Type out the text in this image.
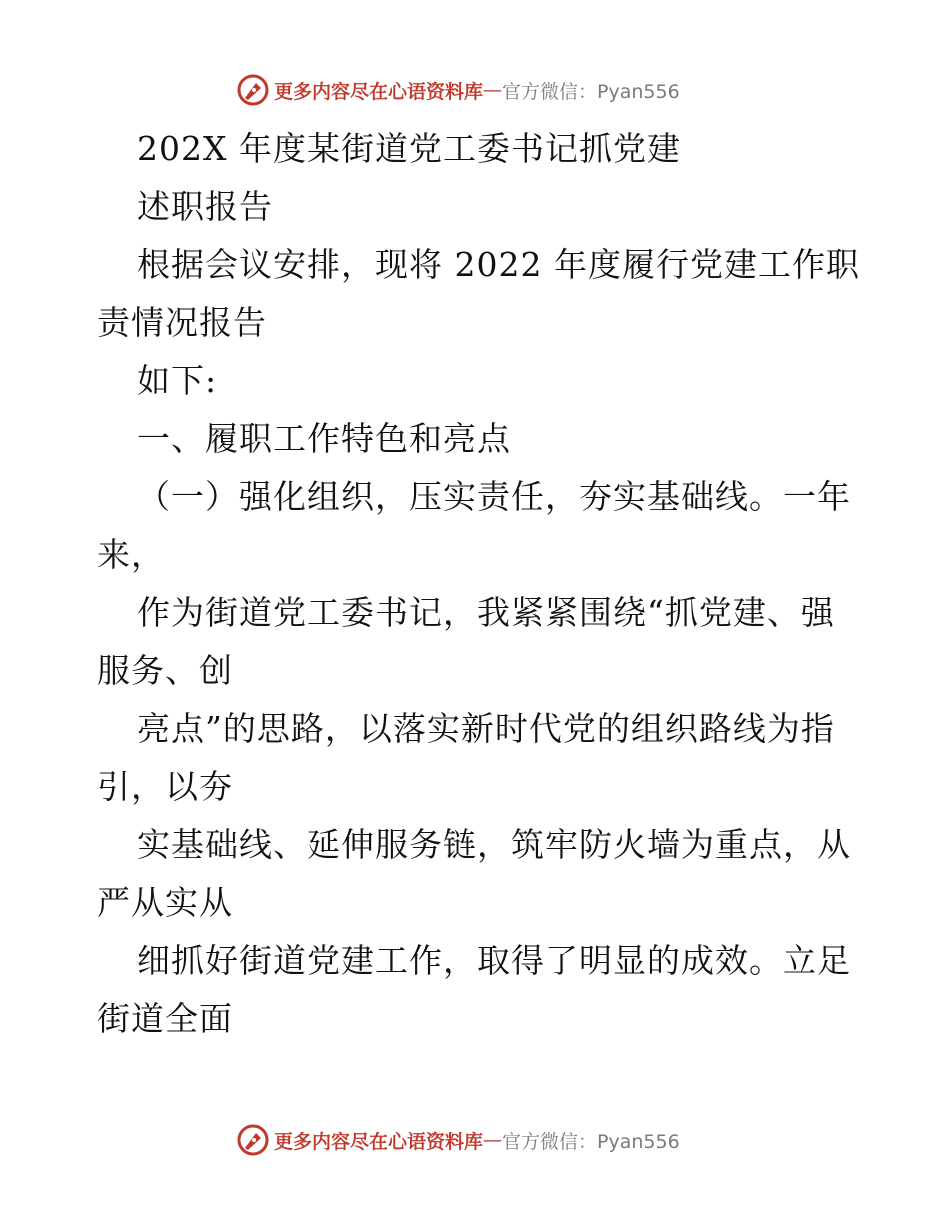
更多内容尽在心语资料库 — 官方微信：Pyan556
202X 年度某街道党工委书记抓党建
述职报告
根据会议安排，现将 2022 年度履行党建工作职
责情况报告
如下:
一、履职工作特色和亮点
（一）强化组织，压实责任，夯实基础线。一年
来，
作为街道党工委书记，我紧紧围绕“抓党建、强
服务、创
亮点”的思路，以落实新时代党的组织路线为指
引，以夯
实基础线、延伸服务链，筑牢防火墙为重点，从
严从实从
细抓好街道党建工作，取得了明显的成效。立足
街道全面
更多内容尽在心语资料库 — 官方微信：Pyan556
